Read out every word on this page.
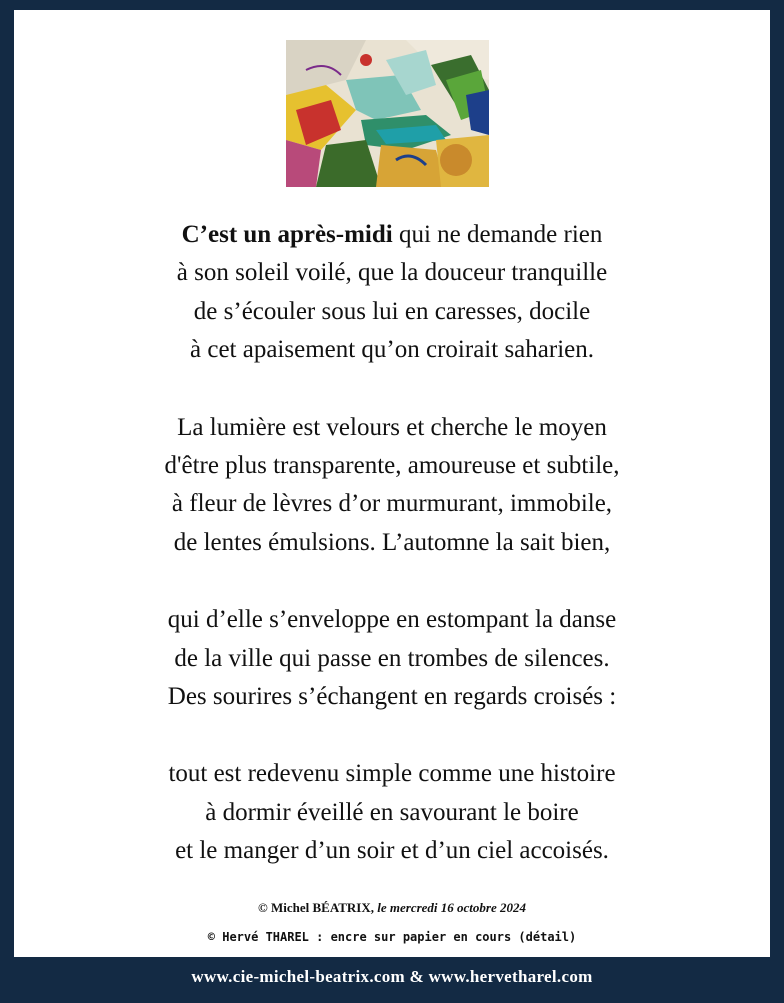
C’est un après-midi qui ne demande rien
à son soleil voilé, que la douceur tranquille
de s’écouler sous lui en caresses, docile
à cet apaisement qu’on croirait saharien.
La lumière est velours et cherche le moyen
d'être plus transparente, amoureuse et subtile,
à fleur de lèvres d’or murmurant, immobile,
de lentes émulsions. L’automne la sait bien,
qui d’elle s’enveloppe en estompant la danse
de la ville qui passe en trombes de silences.
Des sourires s’échangent en regards croisés :
tout est redevenu simple comme une histoire
à dormir éveillé en savourant le boire
et le manger d’un soir et d’un ciel accoisés.
© Michel BÉATRIX, le mercredi 16 octobre 2024
© Hervé THAREL : encre sur papier en cours (détail)
www.cie-michel-beatrix.com & www.hervetharel.com
